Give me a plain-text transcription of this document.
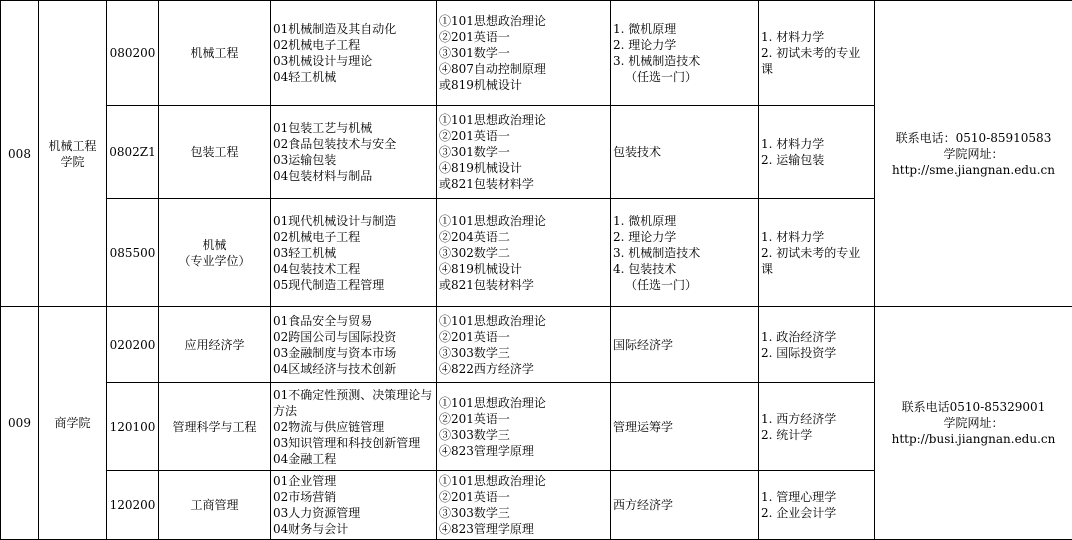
008	机械工程
学院	080200	机械工程	01机械制造及其自动化
02机械电子工程
03机械设计与理论
04轻工机械	①101思想政治理论
②201英语一
③301数学一
④807自动控制原理
或819机械设计	1. 微机原理
2. 理论力学
3. 机械制造技术
（任选一门）	1. 材料力学
2. 初试未考的专业课	联系电话：0510-85910583
学院网址：
http://sme.jiangnan.edu.cn

		0802Z1	包装工程	01包装工艺与机械
02食品包装技术与安全
03运输包装
04包装材料与制品	①101思想政治理论
②201英语一
③301数学一
④819机械设计
或821包装材料学	包装技术	1. 材料力学
2. 运输包装	

		085500	机械
（专业学位）	01现代机械设计与制造
02机械电子工程
03轻工机械
04包装技术工程
05现代制造工程管理	①101思想政治理论
②204英语二
③302数学二
④819机械设计
或821包装材料学	1. 微机原理
2. 理论力学
3. 机械制造技术
4. 包装技术
（任选一门）	1. 材料力学
2. 初试未考的专业课	

009	商学院	020200	应用经济学	01食品安全与贸易
02跨国公司与国际投资
03金融制度与资本市场
04区域经济与技术创新	①101思想政治理论
②201英语一
③303数学三
④822西方经济学	国际经济学	1. 政治经济学
2. 国际投资学	联系电话0510-85329001
学院网址：
http://busi.jiangnan.edu.cn

		120100	管理科学与工程	01不确定性预测、决策理论与方法
02物流与供应链管理
03知识管理和科技创新管理
04金融工程	①101思想政治理论
②201英语一
③303数学三
④823管理学原理	管理运筹学	1. 西方经济学
2. 统计学	

		120200	工商管理	01企业管理
02市场营销
03人力资源管理
04财务与会计	①101思想政治理论
②201英语一
③303数学三
④823管理学原理	西方经济学	1. 管理心理学
2. 企业会计学	
